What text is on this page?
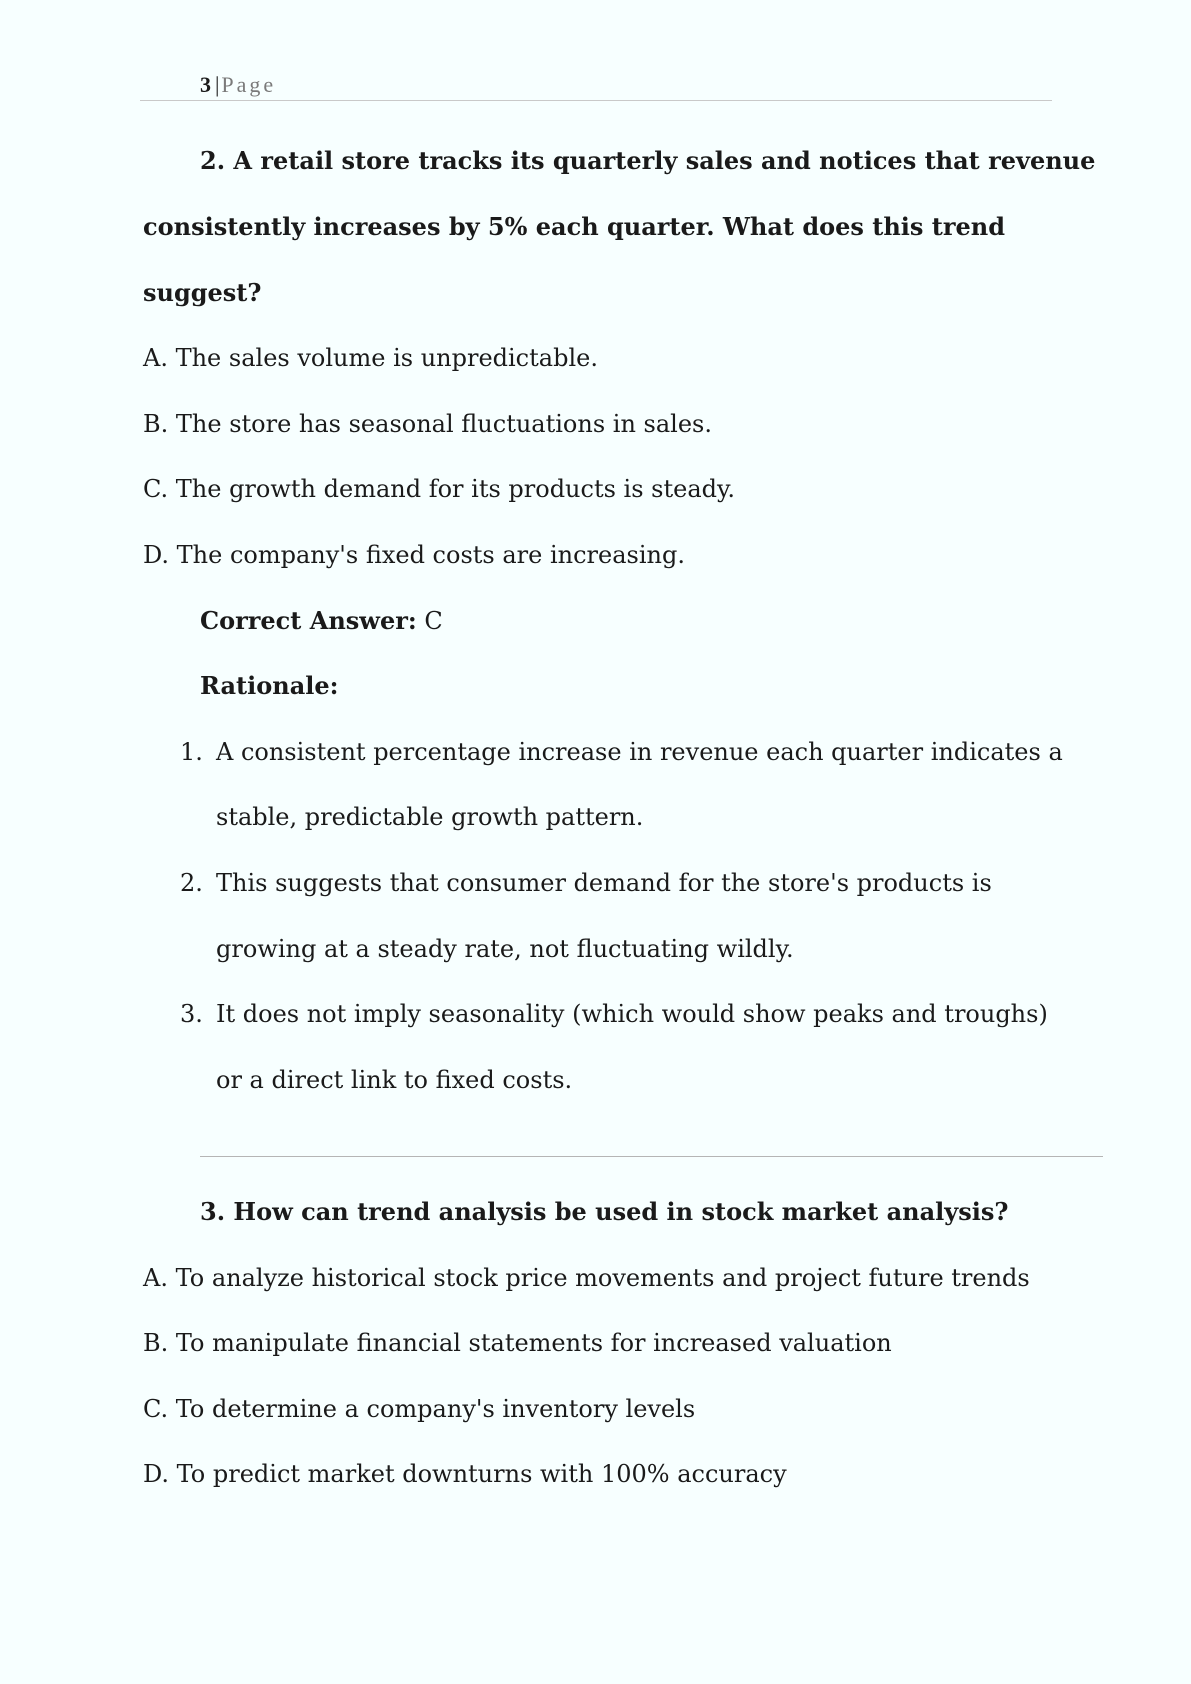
3 |Page
2. A retail store tracks its quarterly sales and notices that revenue
consistently increases by 5% each quarter. What does this trend
suggest?
A. The sales volume is unpredictable.
B. The store has seasonal fluctuations in sales.
C. The growth demand for its products is steady.
D. The company's fixed costs are increasing.
Correct Answer: C
Rationale:
1. A consistent percentage increase in revenue each quarter indicates a
stable, predictable growth pattern.
2. This suggests that consumer demand for the store's products is
growing at a steady rate, not fluctuating wildly.
3. It does not imply seasonality (which would show peaks and troughs)
or a direct link to fixed costs.
3. How can trend analysis be used in stock market analysis?
A. To analyze historical stock price movements and project future trends
B. To manipulate financial statements for increased valuation
C. To determine a company's inventory levels
D. To predict market downturns with 100% accuracy
